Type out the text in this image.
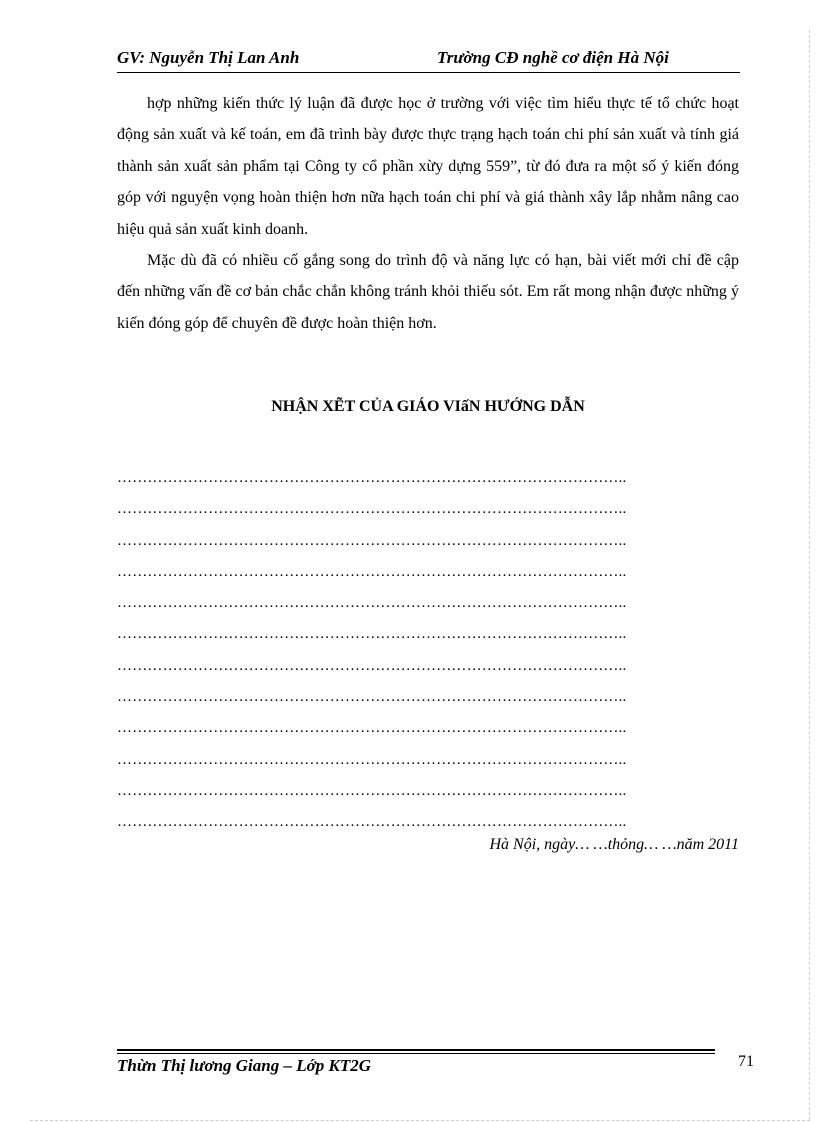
GV: Nguyễn Thị Lan Anh	Trường CĐ nghề cơ điện Hà Nội

hợp những kiến thức lý luận đã được học ở trường với việc tìm hiểu thực tế tổ chức hoạt động sản xuất và kế toán, em đã trình bày được thực trạng hạch toán chi phí sản xuất và tính giá thành sản xuất sản phẩm tại Công ty cổ phần xừy dựng 559”, từ đó đưa ra một số ý kiến đóng góp với nguyện vọng hoàn thiện hơn nữa hạch toán chi phí và giá thành xây lắp nhằm nâng cao hiệu quả sản xuất kinh doanh.

Mặc dù đã có nhiều cố gắng song do trình độ và năng lực có hạn, bài viết mới chỉ đề cập đến những vấn đề cơ bản chắc chắn không tránh khỏi thiếu sót. Em rất mong nhận được những ý kiến đóng góp để chuyên đề được hoàn thiện hơn.

NHẬN XẼT CỦA GIÁO VIấN HƯỚNG DẪN
………………………………………………………………………………………..
………………………………………………………………………………………..
………………………………………………………………………………………..
………………………………………………………………………………………..
………………………………………………………………………………………..
………………………………………………………………………………………..
………………………………………………………………………………………..
………………………………………………………………………………………..
………………………………………………………………………………………..
………………………………………………………………………………………..
………………………………………………………………………………………..
………………………………………………………………………………………..
Hà Nội, ngày… …thỏng… …năm 2011
Thừn Thị lương Giang – Lớp KT2G	71
